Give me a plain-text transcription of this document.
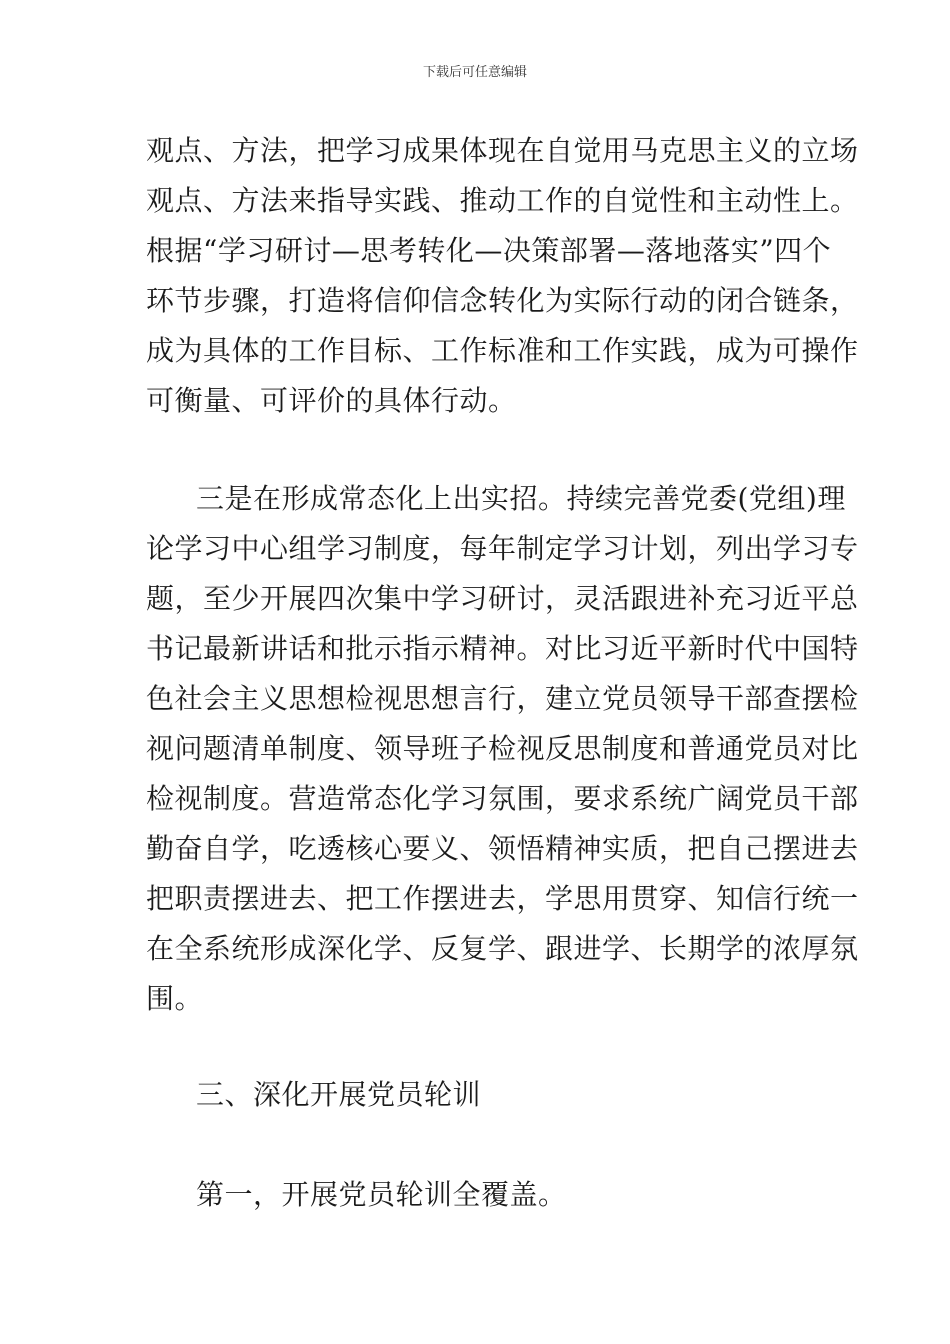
下载后可任意编辑
观点、方法，把学习成果体现在自觉用马克思主义的立场
观点、方法来指导实践、推动工作的自觉性和主动性上。
根据“学习研讨—思考转化—决策部署—落地落实”四个
环节步骤，打造将信仰信念转化为实际行动的闭合链条，
成为具体的工作目标、工作标准和工作实践，成为可操作
可衡量、可评价的具体行动。
三是在形成常态化上出实招。持续完善党委(党组)理
论学习中心组学习制度，每年制定学习计划，列出学习专
题，至少开展四次集中学习研讨，灵活跟进补充习近平总
书记最新讲话和批示指示精神。对比习近平新时代中国特
色社会主义思想检视思想言行，建立党员领导干部查摆检
视问题清单制度、领导班子检视反思制度和普通党员对比
检视制度。营造常态化学习氛围，要求系统广阔党员干部
勤奋自学，吃透核心要义、领悟精神实质，把自己摆进去
把职责摆进去、把工作摆进去，学思用贯穿、知信行统一
在全系统形成深化学、反复学、跟进学、长期学的浓厚氛
围。
三、深化开展党员轮训
第一，开展党员轮训全覆盖。
